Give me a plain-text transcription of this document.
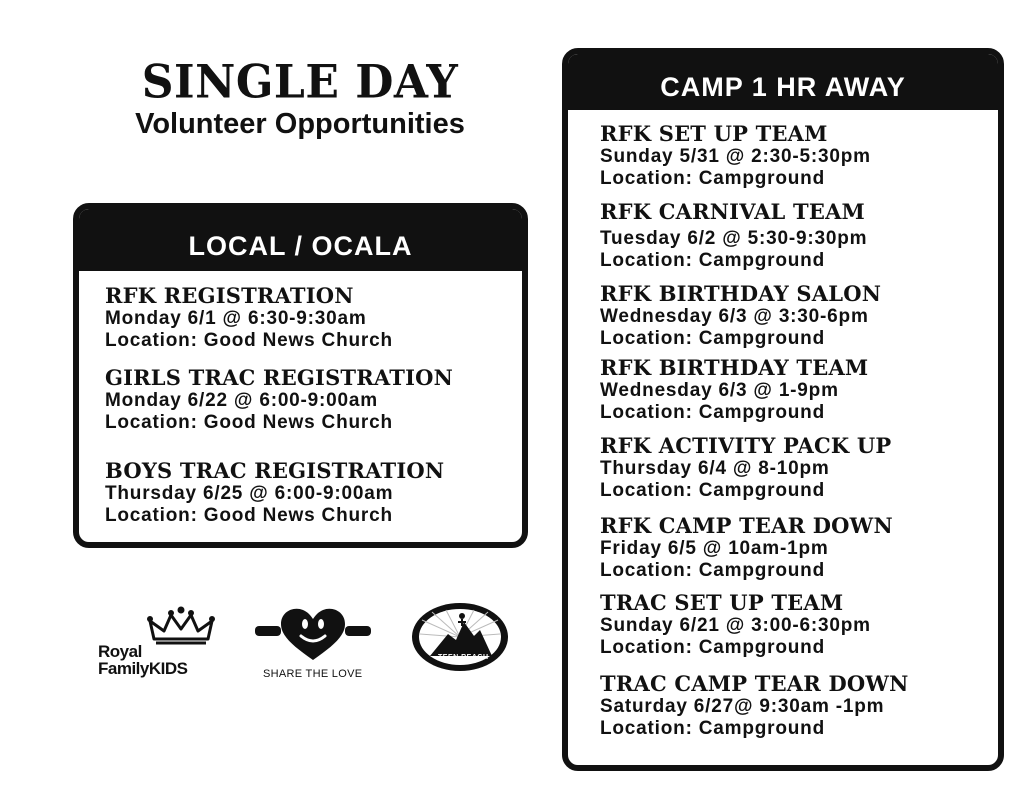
SINGLE DAY
Volunteer Opportunities
LOCAL / OCALA
RFK REGISTRATION
Monday 6/1 @ 6:30-9:30am
Location: Good News Church
GIRLS TRAC REGISTRATION
Monday 6/22 @ 6:00-9:00am
Location: Good News Church
BOYS TRAC REGISTRATION
Thursday 6/25 @ 6:00-9:00am
Location: Good News Church
CAMP 1 HR AWAY
RFK SET UP TEAM
Sunday 5/31 @ 2:30-5:30pm
Location: Campground
RFK CARNIVAL TEAM
Tuesday 6/2 @ 5:30-9:30pm
Location: Campground
RFK BIRTHDAY SALON
Wednesday 6/3 @ 3:30-6pm
Location: Campground
RFK BIRTHDAY TEAM
Wednesday 6/3 @ 1-9pm
Location: Campground
RFK ACTIVITY PACK UP
Thursday 6/4 @ 8-10pm
Location: Campground
RFK CAMP TEAR DOWN
Friday 6/5 @ 10am-1pm
Location: Campground
TRAC SET UP TEAM
Sunday 6/21 @ 3:00-6:30pm
Location: Campground
TRAC CAMP TEAR DOWN
Saturday 6/27@ 9:30am -1pm
Location: Campground
Royal
FamilyKIDS	SHARE THE LOVE
TEEN REACH
